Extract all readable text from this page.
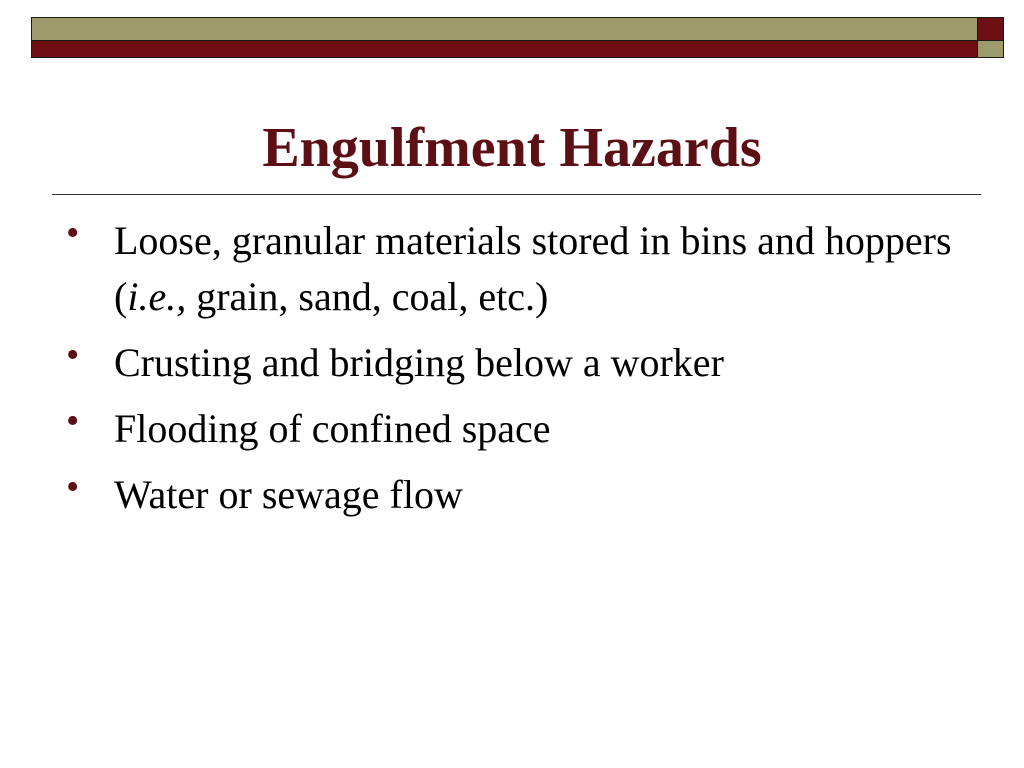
Engulfment Hazards
• Loose, granular materials stored in bins and hoppers (i.e., grain, sand, coal, etc.)
• Crusting and bridging below a worker
• Flooding of confined space
• Water or sewage flow
